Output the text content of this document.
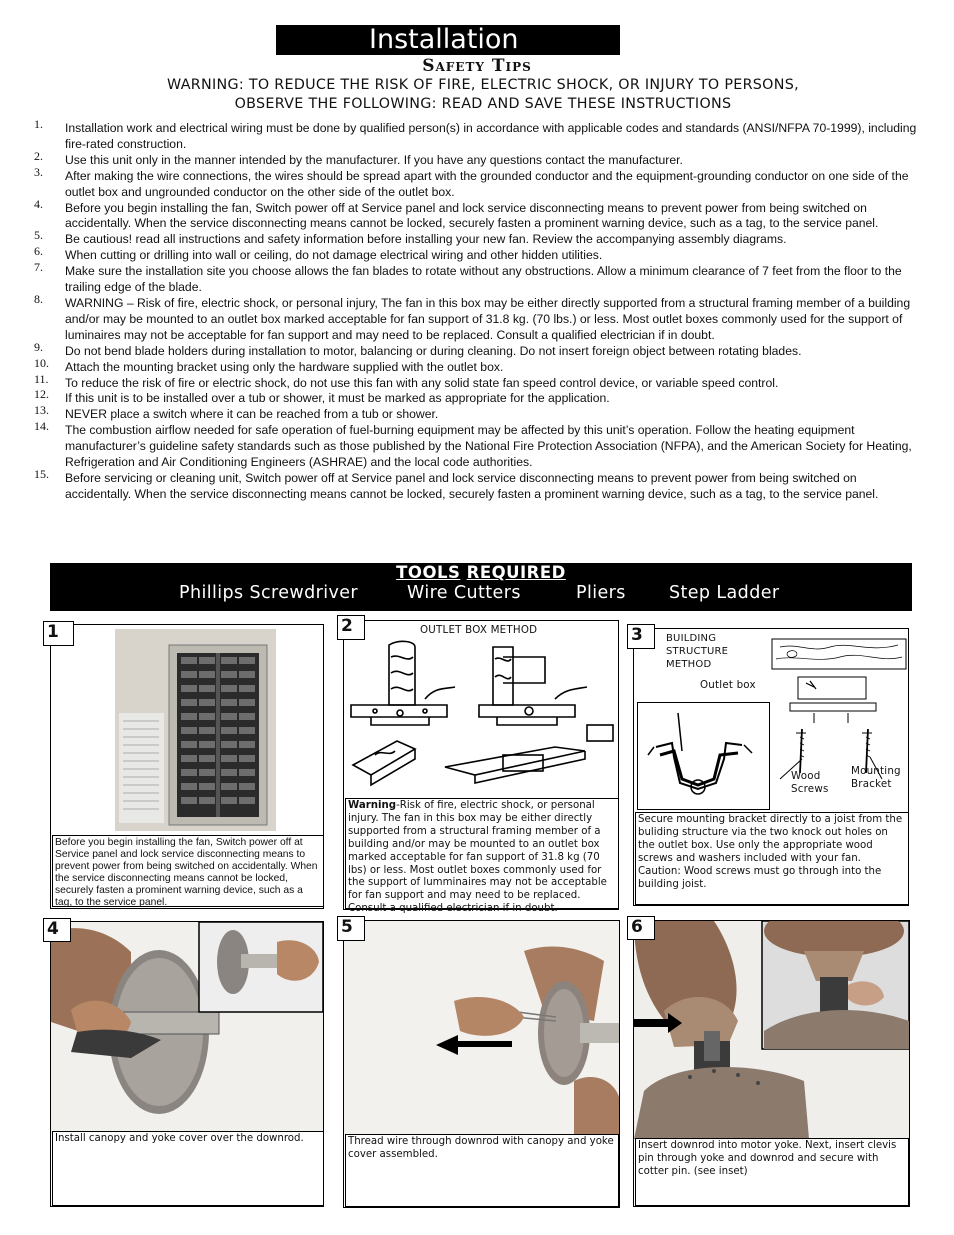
Installation
Safety Tips
WARNING: TO REDUCE THE RISK OF FIRE, ELECTRIC SHOCK, OR INJURY TO PERSONS,
OBSERVE THE FOLLOWING: READ AND SAVE THESE INSTRUCTIONS
1. Installation work and electrical wiring must be done by qualified person(s) in accordance with applicable codes and standards (ANSI/NFPA 70-1999), including fire-rated construction.
2. Use this unit only in the manner intended by the manufacturer. If you have any questions contact the manufacturer.
3. After making the wire connections, the wires should be spread apart with the grounded conductor and the equipment-grounding conductor on one side of the outlet box and ungrounded conductor on the other side of the outlet box.
4. Before you begin installing the fan, Switch power off at Service panel and lock service disconnecting means to prevent power from being switched on accidentally. When the service disconnecting means cannot be locked, securely fasten a prominent warning device, such as a tag, to the service panel.
5. Be cautious! read all instructions and safety information before installing your new fan. Review the accompanying assembly diagrams.
6. When cutting or drilling into wall or ceiling, do not damage electrical wiring and other hidden utilities.
7. Make sure the installation site you choose allows the fan blades to rotate without any obstructions. Allow a minimum clearance of 7 feet from the floor to the trailing edge of the blade.
8. WARNING – Risk of fire, electric shock, or personal injury, The fan in this box may be either directly supported from a structural framing member of a building and/or may be mounted to an outlet box marked acceptable for fan support of 31.8 kg. (70 lbs.) or less. Most outlet boxes commonly used for the support of luminaires may not be acceptable for fan support and may need to be replaced. Consult a qualified electrician if in doubt.
9. Do not bend blade holders during installation to motor, balancing or during cleaning. Do not insert foreign object between rotating blades.
10. Attach the mounting bracket using only the hardware supplied with the outlet box.
11. To reduce the risk of fire or electric shock, do not use this fan with any solid state fan speed control device, or variable speed control.
12. If this unit is to be installed over a tub or shower, it must be marked as appropriate for the application.
13. NEVER place a switch where it can be reached from a tub or shower.
14. The combustion airflow needed for safe operation of fuel-burning equipment may be affected by this unit’s operation. Follow the heating equipment manufacturer’s guideline safety standards such as those published by the National Fire Protection Association (NFPA), and the American Society for Heating, Refrigeration and Air Conditioning Engineers (ASHRAE) and the local code authorities.
15. Before servicing or cleaning unit, Switch power off at Service panel and lock service disconnecting means to prevent power from being switched on accidentally. When the service disconnecting means cannot be locked, securely fasten a prominent warning device, such as a tag, to the service panel.
TOOLS REQUIRED
Phillips Screwdriver	Wire Cutters	Pliers Step Ladder
Before you begin installing the fan, Switch power off at Service panel and lock service disconnecting means to prevent power from being switched on accidentally. When the service disconnecting means cannot be locked, securely fasten a prominent warning device, such as a tag, to the service panel.
1	OUTLET BOX METHOD
Warning-Risk of fire, electric shock, or personal injury. The fan in this box may be either directly supported from a structural framing member of a building and/or may be mounted to an outlet box marked acceptable for fan support of 31.8 kg (70 lbs) or less. Most outlet boxes commonly used for the support of lumminaires may not be acceptable for fan support and may need to be replaced. Consult a qualified electrician if in doubt.
2
BUILDING
STRUCTURE
METHOD
Outlet box
Wood
Screws
Mounting
Bracket
Secure mounting bracket directly to a joist from the buliding structure via the two knock out holes on the outlet box. Use only the appropriate wood screws and washers included with your fan. Caution: Wood screws must go through into the building joist.
3
Install canopy and yoke cover over the downrod.
4
Thread wire through downrod with canopy and yoke cover assembled.
5
Insert downrod into motor yoke. Next, insert clevis pin through yoke and downrod and secure with cotter pin. (see inset)
6
